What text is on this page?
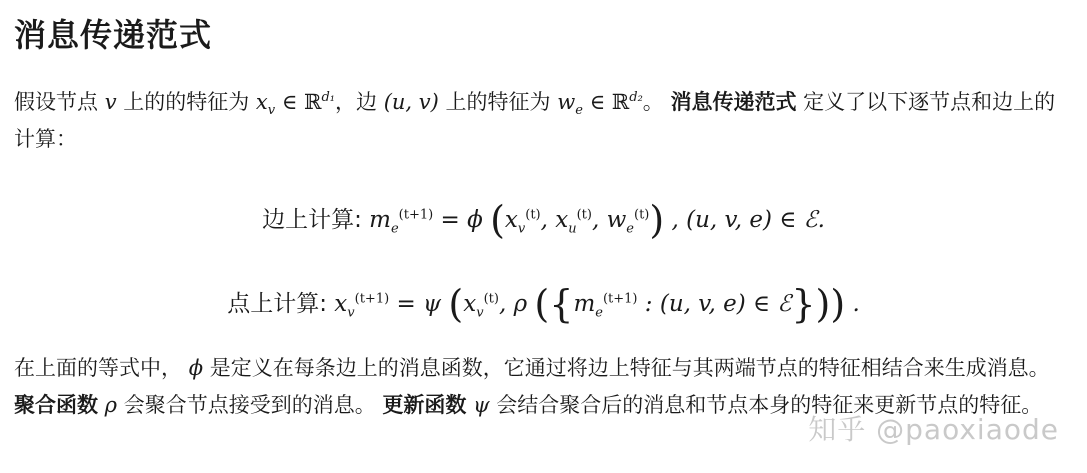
消息传递范式
假设节点 v 上的的特征为 $x_v$ ∈ ℝ$^{d_1}$，边 (u, v) 上的特征为 $w_e$ ∈ ℝ$^{d_2}$。 消息传递范式 定义了以下逐节点和边上的计算：
边上计算: $m_e^{(t+1)} = \phi$ ($x_v^{(t)}$, $x_u^{(t)}$, $w_e^{(t)}$) , (u, v, e) ∈ ℰ.
点上计算: $x_v^{(t+1)} = \psi$ ($x_v^{(t)}$, ρ ({$m_e^{(t+1)}$ : (u, v, e) ∈ ℰ})) .
在上面的等式中， ϕ 是定义在每条边上的消息函数，它通过将边上特征与其两端节点的特征相结合来生成消息。 聚合函数 ρ 会聚合节点接受到的消息。 更新函数 ψ 会结合聚合后的消息和节点本身的特征来更新节点的特征。
知乎 @paoxiaode
